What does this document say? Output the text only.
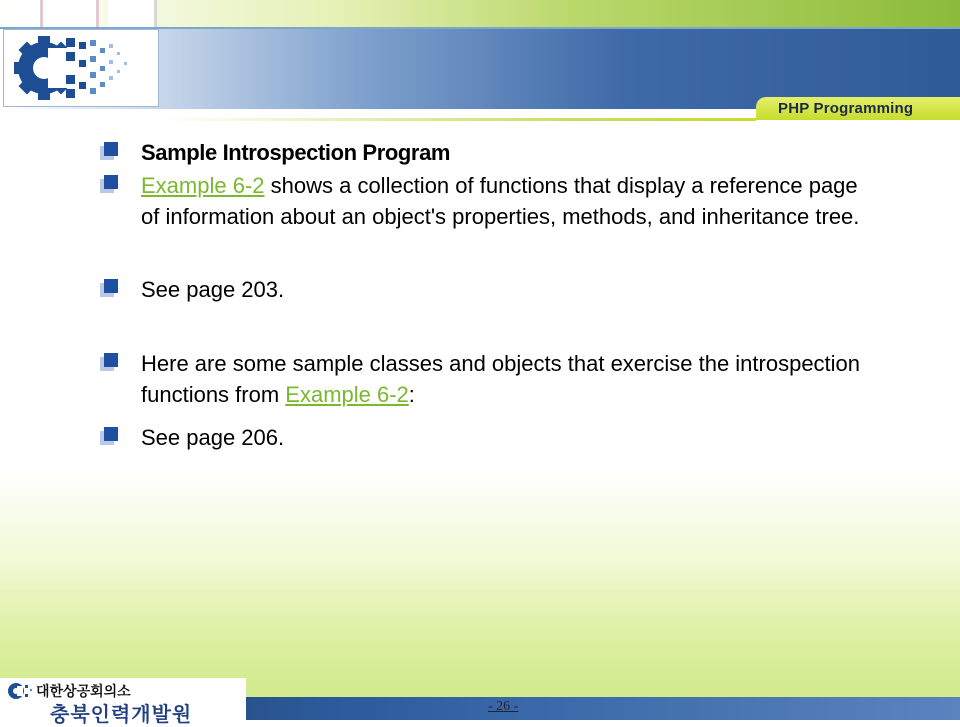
PHP Programming
Sample Introspection Program
Example 6-2 shows a collection of functions that display a reference page of information about an object's properties, methods, and inheritance tree.
See page 203.
Here are some sample classes and objects that exercise the introspection functions from Example 6-2:
See page 206.
대한상공회의소
충북인력개발원	- 26 -
